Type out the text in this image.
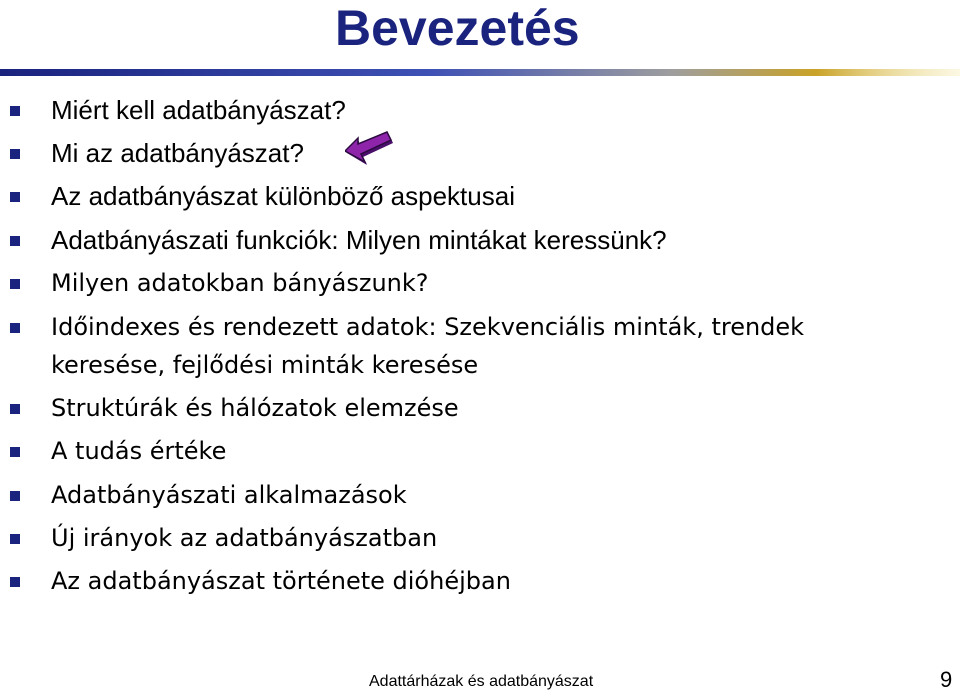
Bevezetés
Miért kell adatbányászat?
Mi az adatbányászat?
Az adatbányászat különböző aspektusai
Adatbányászati funkciók: Milyen mintákat keressünk?
Milyen adatokban bányászunk?
Időindexes és rendezett adatok: Szekvenciális minták, trendek
keresése, fejlődési minták keresése
Struktúrák és hálózatok elemzése
A tudás értéke
Adatbányászati alkalmazások
Új irányok az adatbányászatban
Az adatbányászat története dióhéjban
Adattárházak és adatbányászat	9
